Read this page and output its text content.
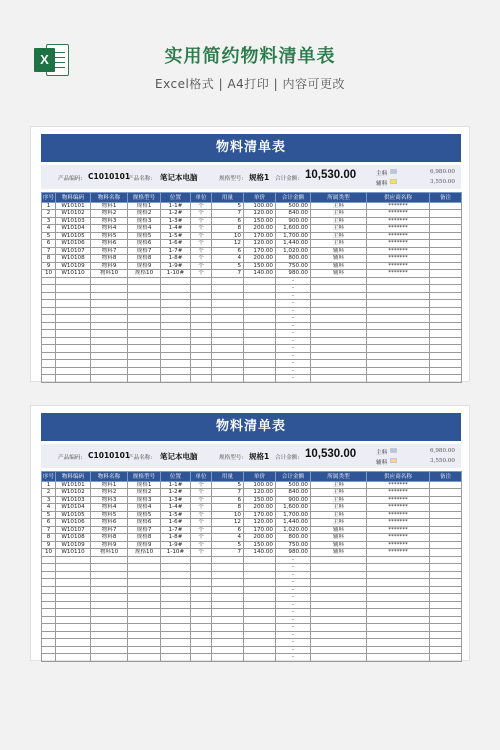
X	实用简约物料清单表
Excel格式 | A4打印 | 内容可更改
物料清单表
产品编码: C1010101
产品名称: 笔记本电脑	规格型号: 规格1 合计金额: 10,530.00	主料	6,980.00
辅料	3,550.00
序号	物料编码	物料名称	规格型号	位置	单位	用量	单价	合计金额	所属类型	供应商名称	备注
1	W10101	物料1	规格1	1-1#	个	5	100.00	500.00	主料	*******	
2	W10102	物料2	规格2	1-2#	个	7	120.00	840.00	主料	*******	
3	W10103	物料3	规格3	1-3#	个	6	150.00	900.00	主料	*******	
4	W10104	物料4	规格4	1-4#	个	8	200.00	1,600.00	主料	*******	
5	W10105	物料5	规格5	1-5#	个	10	170.00	1,700.00	主料	*******	
6	W10106	物料6	规格6	1-6#	个	12	120.00	1,440.00	主料	*******	
7	W10107	物料7	规格7	1-7#	个	6	170.00	1,020.00	辅料	*******	
8	W10108	物料8	规格8	1-8#	个	4	200.00	800.00	辅料	*******	
9	W10109	物料9	规格9	1-9#	个	5	150.00	750.00	辅料	*******	
10	W10110	物料10	规格10	1-10#	个	7	140.00	980.00	辅料	*******	
								-			
								-			
								-			
								-			
								-			
								-			
								-			
								-			
								-			
								-			
								-			
								-			
								-			
								-			
物料清单表
产品编码: C1010101
产品名称: 笔记本电脑	规格型号: 规格1 合计金额: 10,530.00	主料	6,980.00
辅料	3,550.00
序号	物料编码	物料名称	规格型号	位置	单位	用量	单价	合计金额	所属类型	供应商名称	备注
1	W10101	物料1	规格1	1-1#	个	5	100.00	500.00	主料	*******	
2	W10102	物料2	规格2	1-2#	个	7	120.00	840.00	主料	*******	
3	W10103	物料3	规格3	1-3#	个	6	150.00	900.00	主料	*******	
4	W10104	物料4	规格4	1-4#	个	8	200.00	1,600.00	主料	*******	
5	W10105	物料5	规格5	1-5#	个	10	170.00	1,700.00	主料	*******	
6	W10106	物料6	规格6	1-6#	个	12	120.00	1,440.00	主料	*******	
7	W10107	物料7	规格7	1-7#	个	6	170.00	1,020.00	辅料	*******	
8	W10108	物料8	规格8	1-8#	个	4	200.00	800.00	辅料	*******	
9	W10109	物料9	规格9	1-9#	个	5	150.00	750.00	辅料	*******	
10	W10110	物料10	规格10	1-10#	个	7	140.00	980.00	辅料	*******	
								-			
								-			
								-			
								-			
								-			
								-			
								-			
								-			
								-			
								-			
								-			
								-			
								-			
								-			
